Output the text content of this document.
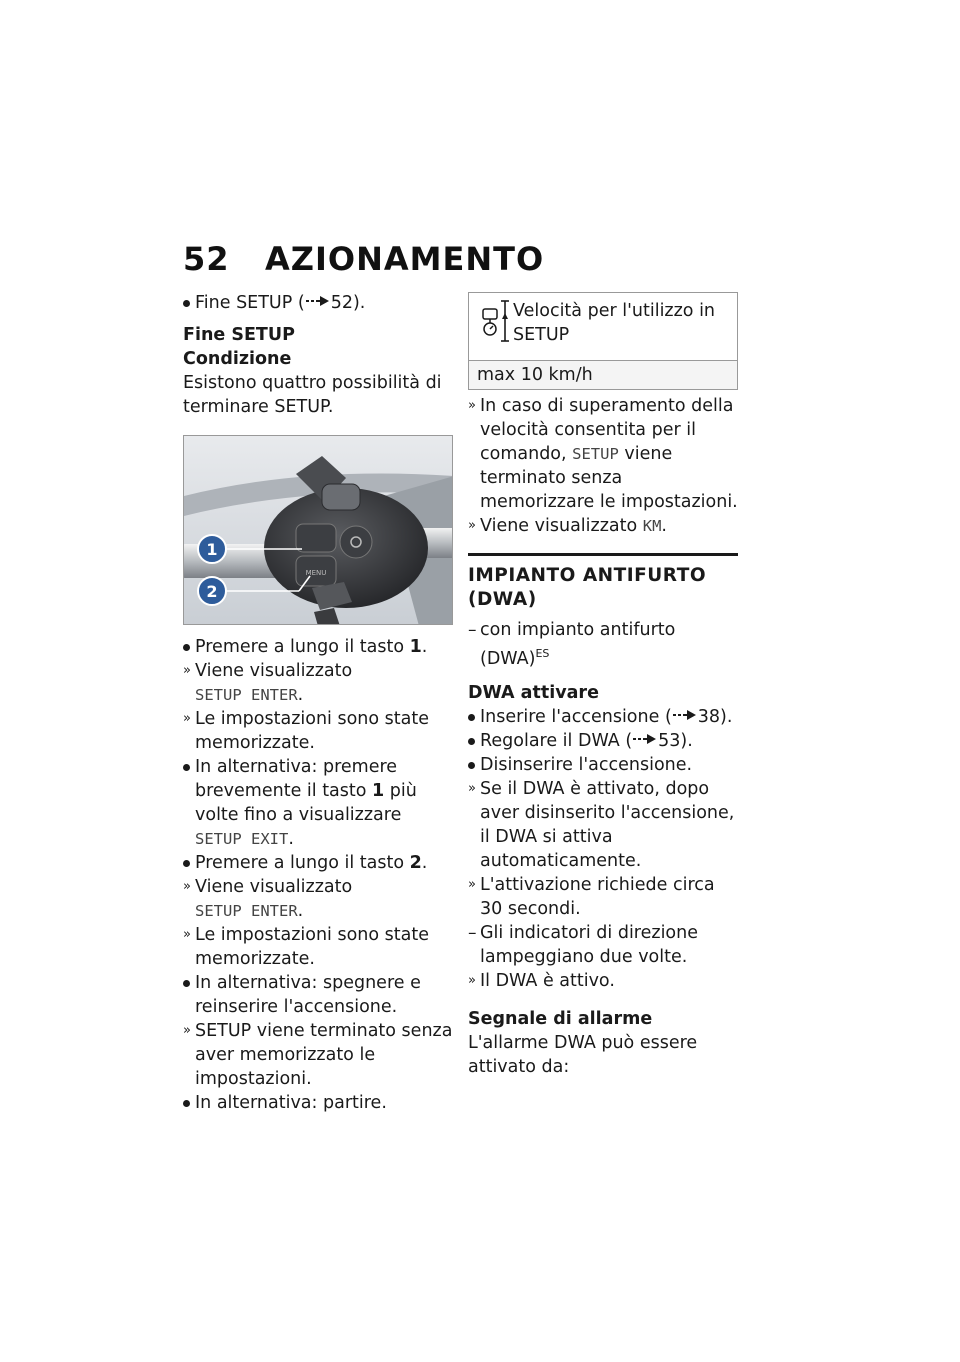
52 AZIONAMENTO
Fine SETUP ( 52).

Fine SETUP

Condizione

Esistono quattro possibilità di terminare SETUP.

MENU
1
2
Premere a lungo il tasto 1.
» Viene visualizzato
SETUP ENTER.
» Le impostazioni sono state memorizzate.
In alternativa: premere brevemente il tasto 1 più volte fino a visualizzare SETUP EXIT.
Premere a lungo il tasto 2.
» Viene visualizzato
SETUP ENTER.
» Le impostazioni sono state memorizzate.
In alternativa: spegnere e reinserire l'accensione.
» SETUP viene terminato senza aver memorizzato le impostazioni.
In alternativa: partire.
Velocità per l'utilizzo in SETUP
max 10 km/h
» In caso di superamento della velocità consentita per il comando, SETUP viene terminato senza memorizzare le impostazioni.
» Viene visualizzato KM.

IMPIANTO ANTIFURTO (DWA)

– con impianto antifurto (DWA)$^{ES}$

DWA attivare

Inserire l'accensione ( 38).
Regolare il DWA ( 53).
Disinserire l'accensione.
» Se il DWA è attivato, dopo aver disinserito l'accensione, il DWA si attiva automaticamente.
» L'attivazione richiede circa 30 secondi.
– Gli indicatori di direzione lampeggiano due volte.
» Il DWA è attivo.

Segnale di allarme

L'allarme DWA può essere attivato da:
